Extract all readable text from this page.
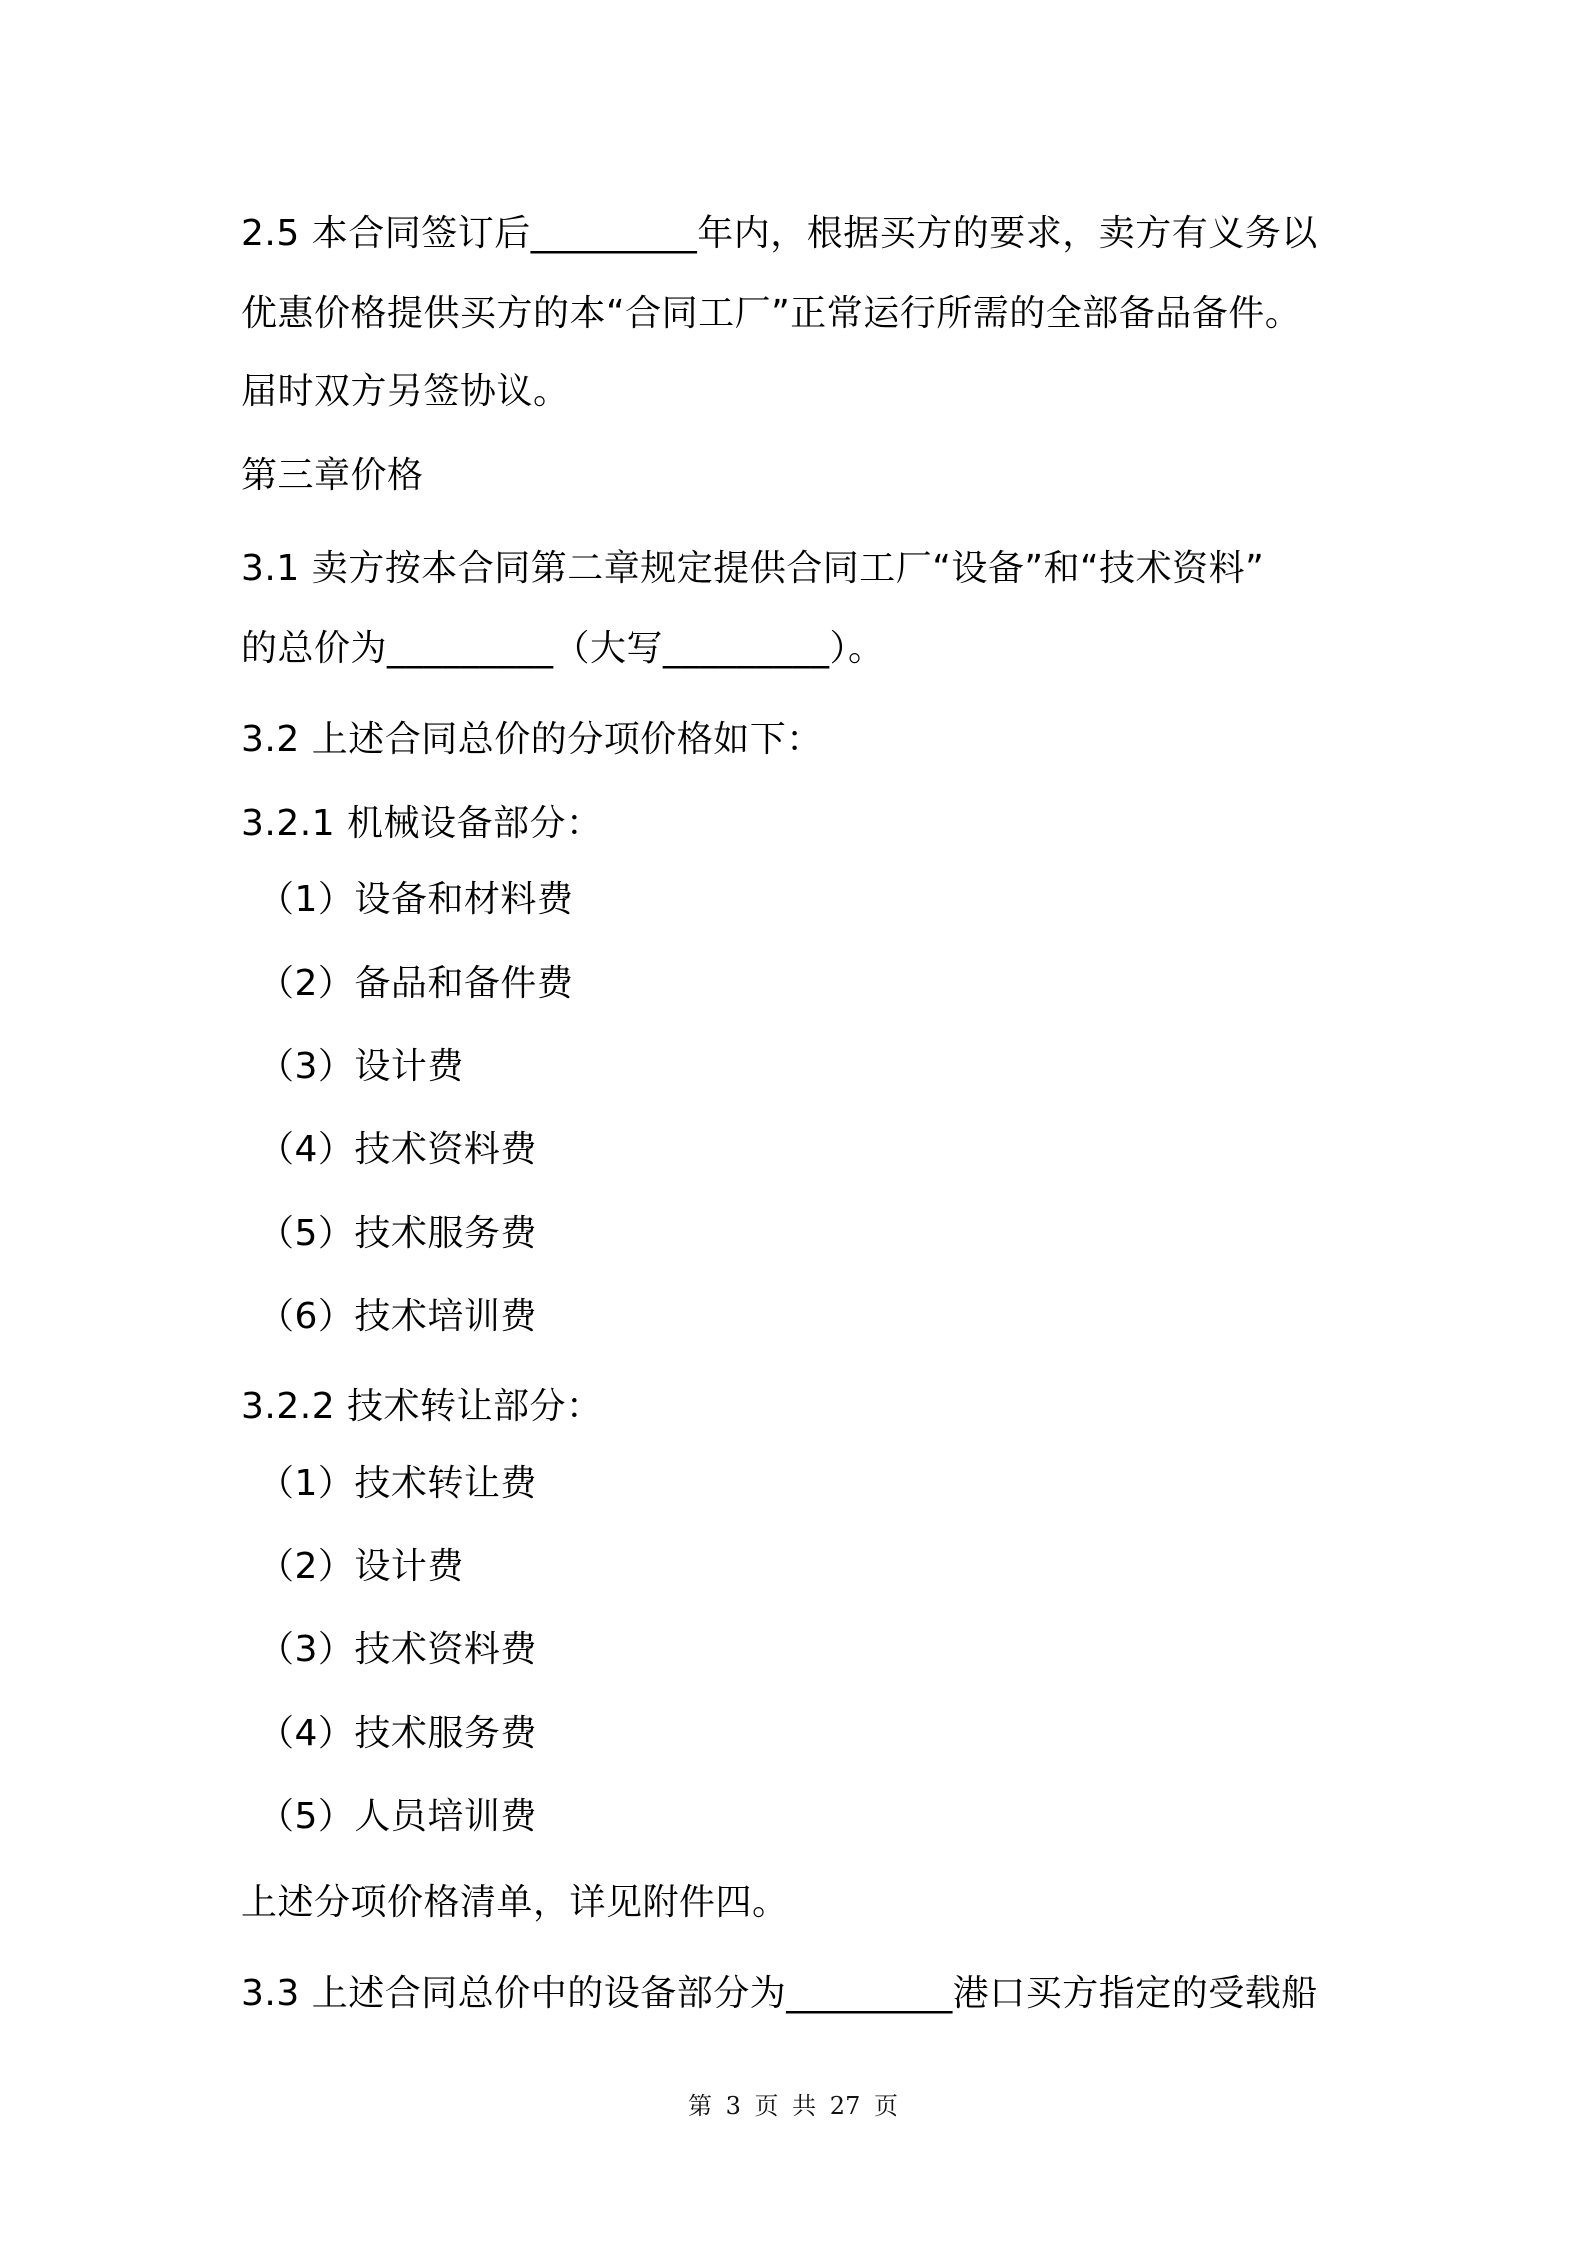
2.5 本合同签订后_________年内，根据买方的要求，卖方有义务以
优惠价格提供买方的本“合同工厂”正常运行所需的全部备品备件。
届时双方另签协议。
第三章价格
3.1 卖方按本合同第二章规定提供合同工厂“设备”和“技术资料”
的总价为_________（大写_________）。
3.2 上述合同总价的分项价格如下：
3.2.1 机械设备部分：
（1）设备和材料费
（2）备品和备件费
（3）设计费
（4）技术资料费
（5）技术服务费
（6）技术培训费
3.2.2 技术转让部分：
（1）技术转让费
（2）设计费
（3）技术资料费
（4）技术服务费
（5）人员培训费
上述分项价格清单，详见附件四。
3.3 上述合同总价中的设备部分为_________港口买方指定的受载船
第 3 页 共 27 页
